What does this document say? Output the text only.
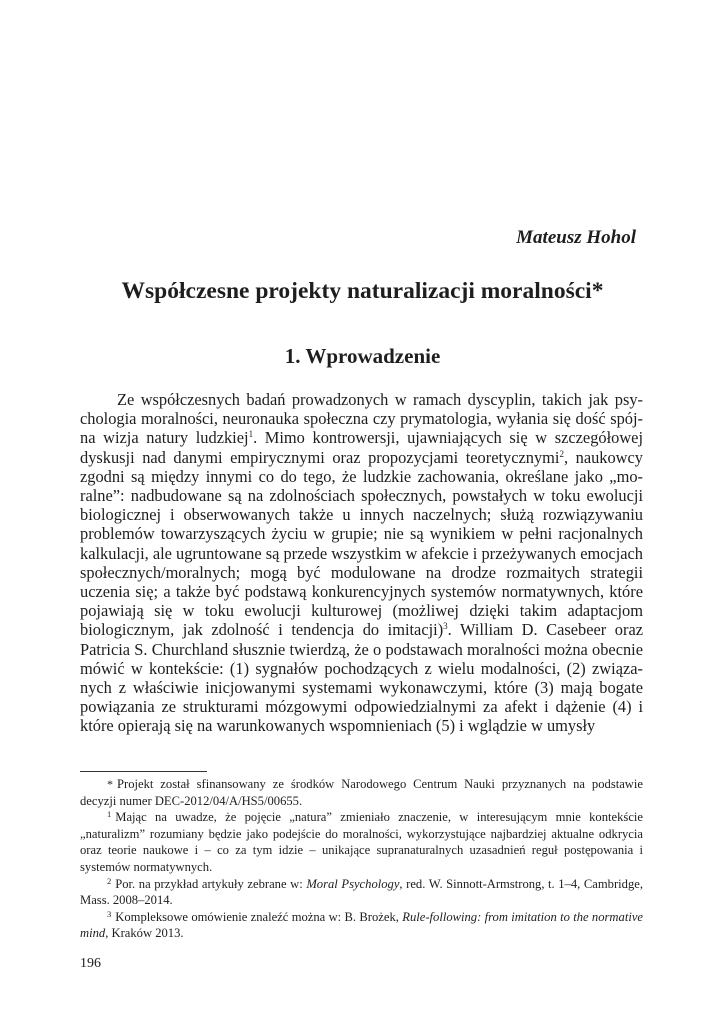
Mateusz Hohol

Współczesne projekty naturalizacji moralności*
1. Wprowadzenie

Ze współczesnych badań prowadzonych w ramach dyscyplin, takich jak psychologia moralności, neuronauka społeczna czy prymatologia, wyłania się dość spójna wizja natury ludzkiej$^1$. Mimo kontrowersji, ujawniających się w szczegółowej dyskusji nad danymi empirycznymi oraz propozycjami teoretycznymi$^2$, naukowcy zgodni są między innymi co do tego, że ludzkie zachowania, określane jako „moralne”: nadbudowane są na zdolnościach społecznych, powstałych w toku ewolucji biologicznej i obserwowanych także u innych naczelnych; służą rozwiązywaniu problemów towarzyszących życiu w grupie; nie są wynikiem w pełni racjonalnych kalkulacji, ale ugruntowane są przede wszystkim w afekcie i przeżywanych emocjach społecznych/moralnych; mogą być modulowane na drodze rozmaitych strategii uczenia się; a także być podstawą konkurencyjnych systemów normatywnych, które pojawiają się w toku ewolucji kulturowej (możliwej dzięki takim adaptacjom biologicznym, jak zdolność i tendencja do imitacji)$^3$. William D. Casebeer oraz Patricia S. Churchland słusznie twierdzą, że o podstawach moralności można obecnie mówić w kontekście: (1) sygnałów pochodzących z wielu modalności, (2) związanych z właściwie inicjowanymi systemami wykonawczymi, które (3) mają bogate powiązania ze strukturami mózgowymi odpowiedzialnymi za afekt i dążenie (4) i które opierają się na warunkowanych wspomnieniach (5) i wglądzie w umysły

* Projekt został sfinansowany ze środków Narodowego Centrum Nauki przyznanych na podstawie decyzji numer DEC-2012/04/A/HS5/00655.

$^1$ Mając na uwadze, że pojęcie „natura” zmieniało znaczenie, w interesującym mnie kontekście „naturalizm” rozumiany będzie jako podejście do moralności, wykorzystujące najbardziej aktualne odkrycia oraz teorie naukowe i – co za tym idzie – unikające supranaturalnych uzasadnień reguł postępowania i systemów normatywnych.

$^2$ Por. na przykład artykuły zebrane w: Moral Psychology, red. W. Sinnott-Armstrong, t. 1–4, Cambridge, Mass. 2008–2014.

$^3$ Kompleksowe omówienie znaleźć można w: B. Brożek, Rule-following: from imitation to the normative mind, Kraków 2013.

196
